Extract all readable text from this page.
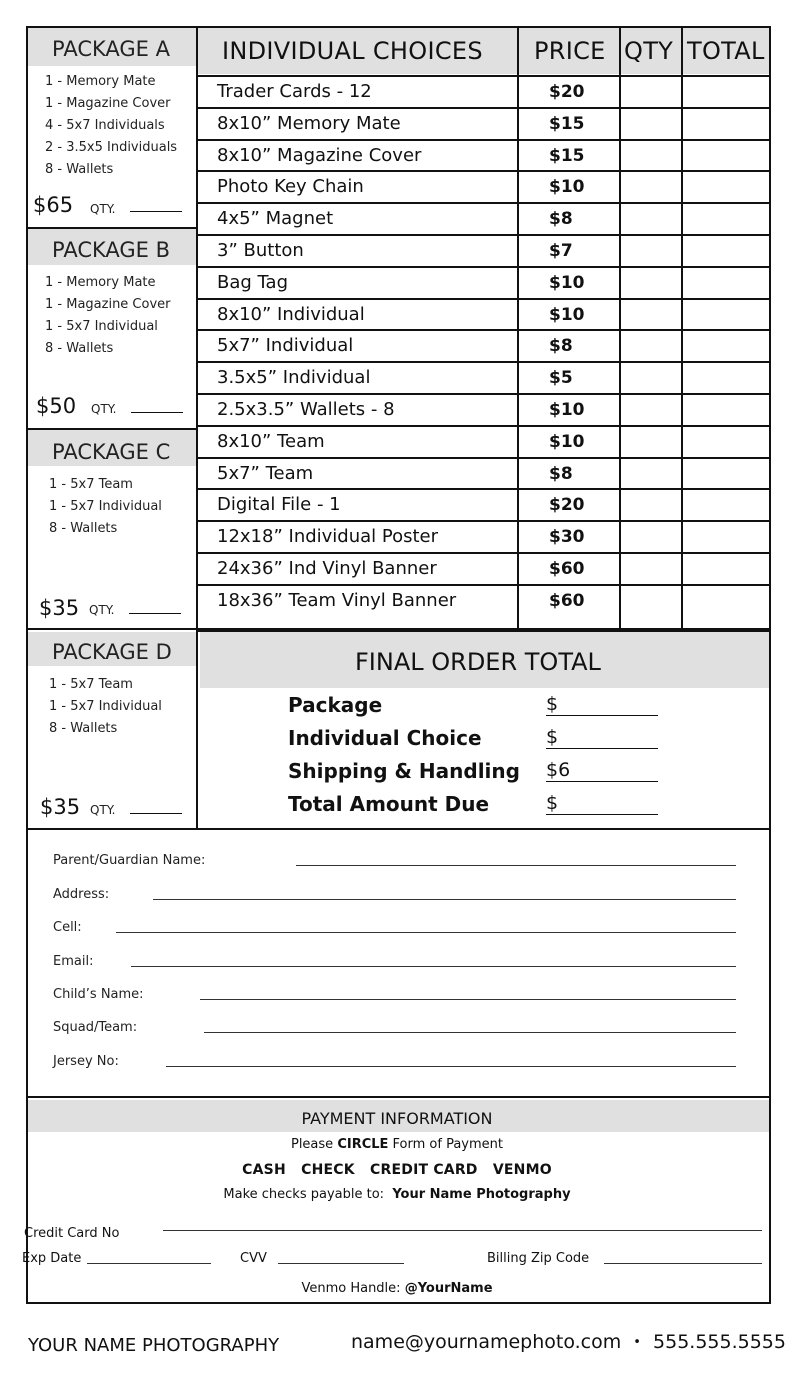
INDIVIDUAL CHOICES PRICE QTY TOTAL
Trader Cards - 12	$20
8x10” Memory Mate	$15
8x10” Magazine Cover	$15
Photo Key Chain	$10
4x5” Magnet	$8
3” Button	$7
Bag Tag	$10
8x10” Individual	$10
5x7” Individual	$8
3.5x5” Individual	$5
2.5x3.5” Wallets - 8	$10
8x10” Team	$10
5x7” Team	$8
Digital File - 1	$20
12x18” Individual Poster	$30
24x36” Ind Vinyl Banner	$60
18x36” Team Vinyl Banner	$60
PACKAGE A
1 - Memory Mate
1 - Magazine Cover
4 - 5x7 Individuals
2 - 3.5x5 Individuals
8 - Wallets
$65 QTY.
PACKAGE B
1 - Memory Mate
1 - Magazine Cover
1 - 5x7 Individual
8 - Wallets
$50 QTY.
PACKAGE C
1 - 5x7 Team
1 - 5x7 Individual
8 - Wallets
$35 QTY.
PACKAGE D
1 - 5x7 Team
1 - 5x7 Individual
8 - Wallets
$35 QTY.
FINAL ORDER TOTAL
Package	$
Individual Choice	$
Shipping & Handling $6
Total Amount Due	$
Parent/Guardian Name:
Address:
Cell:
Email:
Child’s Name:
Squad/Team:
Jersey No:
PAYMENT INFORMATION
Please CIRCLE Form of Payment
CASH CHECK CREDIT CARD VENMO
Make checks payable to: Your Name Photography
Credit Card No
Exp Date	CVV	Billing Zip Code
Venmo Handle: @YourName
YOUR NAME PHOTOGRAPHY	name@yournamephoto.com • 555.555.5555
